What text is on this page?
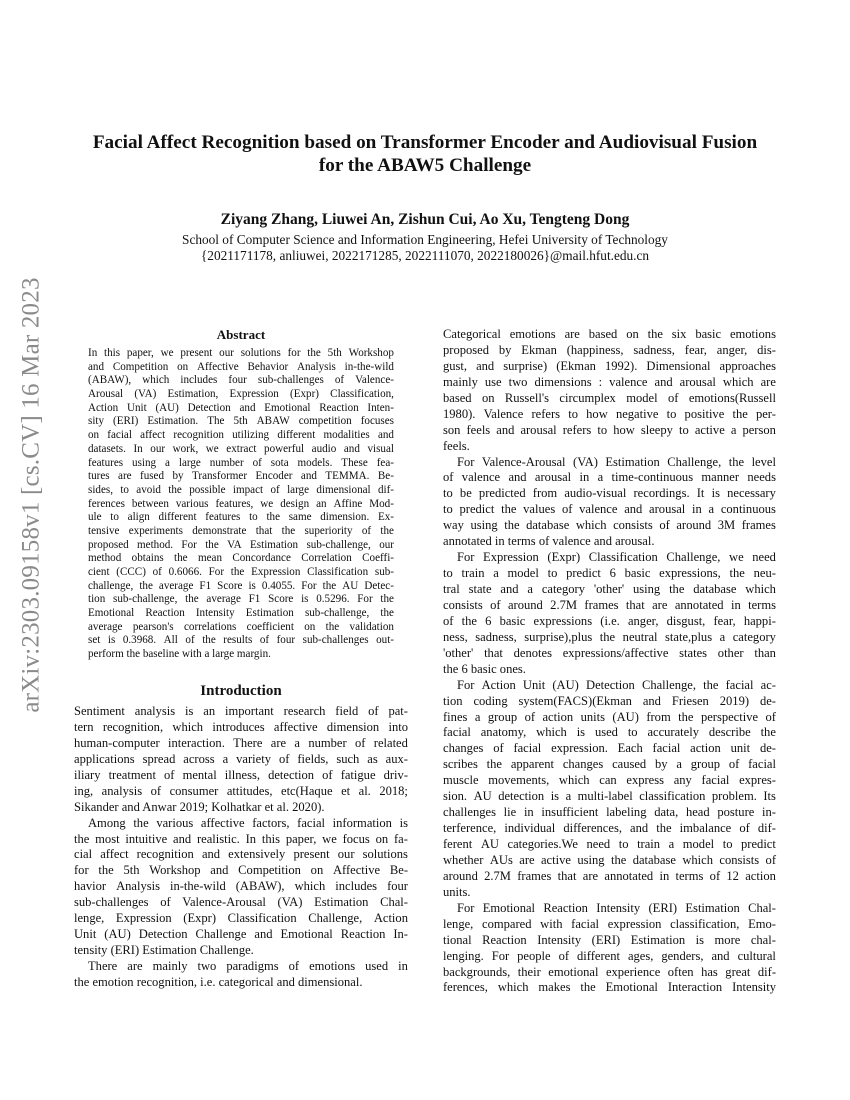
arXiv:2303.09158v1 [cs.CV] 16 Mar 2023
Facial Affect Recognition based on Transformer Encoder and Audiovisual Fusion
for the ABAW5 Challenge
Ziyang Zhang, Liuwei An, Zishun Cui, Ao Xu, Tengteng Dong
School of Computer Science and Information Engineering, Hefei University of Technology
{2021171178, anliuwei, 2022171285, 2022111070, 2022180026}@mail.hfut.edu.cn
Abstract
In this paper, we present our solutions for the 5th Workshop
and Competition on Affective Behavior Analysis in-the-wild
(ABAW), which includes four sub-challenges of Valence-
Arousal (VA) Estimation, Expression (Expr) Classification,
Action Unit (AU) Detection and Emotional Reaction Inten-
sity (ERI) Estimation. The 5th ABAW competition focuses
on facial affect recognition utilizing different modalities and
datasets. In our work, we extract powerful audio and visual
features using a large number of sota models. These fea-
tures are fused by Transformer Encoder and TEMMA. Be-
sides, to avoid the possible impact of large dimensional dif-
ferences between various features, we design an Affine Mod-
ule to align different features to the same dimension. Ex-
tensive experiments demonstrate that the superiority of the
proposed method. For the VA Estimation sub-challenge, our
method obtains the mean Concordance Correlation Coeffi-
cient (CCC) of 0.6066. For the Expression Classification sub-
challenge, the average F1 Score is 0.4055. For the AU Detec-
tion sub-challenge, the average F1 Score is 0.5296. For the
Emotional Reaction Intensity Estimation sub-challenge, the
average pearson's correlations coefficient on the validation
set is 0.3968. All of the results of four sub-challenges out-
perform the baseline with a large margin.
Introduction
Sentiment analysis is an important research field of pat-
tern recognition, which introduces affective dimension into
human-computer interaction. There are a number of related
applications spread across a variety of fields, such as aux-
iliary treatment of mental illness, detection of fatigue driv-
ing, analysis of consumer attitudes, etc(Haque et al. 2018;
Sikander and Anwar 2019; Kolhatkar et al. 2020).
Among the various affective factors, facial information is
the most intuitive and realistic. In this paper, we focus on fa-
cial affect recognition and extensively present our solutions
for the 5th Workshop and Competition on Affective Be-
havior Analysis in-the-wild (ABAW), which includes four
sub-challenges of Valence-Arousal (VA) Estimation Chal-
lenge, Expression (Expr) Classification Challenge, Action
Unit (AU) Detection Challenge and Emotional Reaction In-
tensity (ERI) Estimation Challenge.
There are mainly two paradigms of emotions used in
the emotion recognition, i.e. categorical and dimensional.
Categorical emotions are based on the six basic emotions
proposed by Ekman (happiness, sadness, fear, anger, dis-
gust, and surprise) (Ekman 1992). Dimensional approaches
mainly use two dimensions : valence and arousal which are
based on Russell's circumplex model of emotions(Russell
1980). Valence refers to how negative to positive the per-
son feels and arousal refers to how sleepy to active a person
feels.
For Valence-Arousal (VA) Estimation Challenge, the level
of valence and arousal in a time-continuous manner needs
to be predicted from audio-visual recordings. It is necessary
to predict the values of valence and arousal in a continuous
way using the database which consists of around 3M frames
annotated in terms of valence and arousal.
For Expression (Expr) Classification Challenge, we need
to train a model to predict 6 basic expressions, the neu-
tral state and a category 'other' using the database which
consists of around 2.7M frames that are annotated in terms
of the 6 basic expressions (i.e. anger, disgust, fear, happi-
ness, sadness, surprise),plus the neutral state,plus a category
'other' that denotes expressions/affective states other than
the 6 basic ones.
For Action Unit (AU) Detection Challenge, the facial ac-
tion coding system(FACS)(Ekman and Friesen 2019) de-
fines a group of action units (AU) from the perspective of
facial anatomy, which is used to accurately describe the
changes of facial expression. Each facial action unit de-
scribes the apparent changes caused by a group of facial
muscle movements, which can express any facial expres-
sion. AU detection is a multi-label classification problem. Its
challenges lie in insufficient labeling data, head posture in-
terference, individual differences, and the imbalance of dif-
ferent AU categories.We need to train a model to predict
whether AUs are active using the database which consists of
around 2.7M frames that are annotated in terms of 12 action
units.
For Emotional Reaction Intensity (ERI) Estimation Chal-
lenge, compared with facial expression classification, Emo-
tional Reaction Intensity (ERI) Estimation is more chal-
lenging. For people of different ages, genders, and cultural
backgrounds, their emotional experience often has great dif-
ferences, which makes the Emotional Interaction Intensity
